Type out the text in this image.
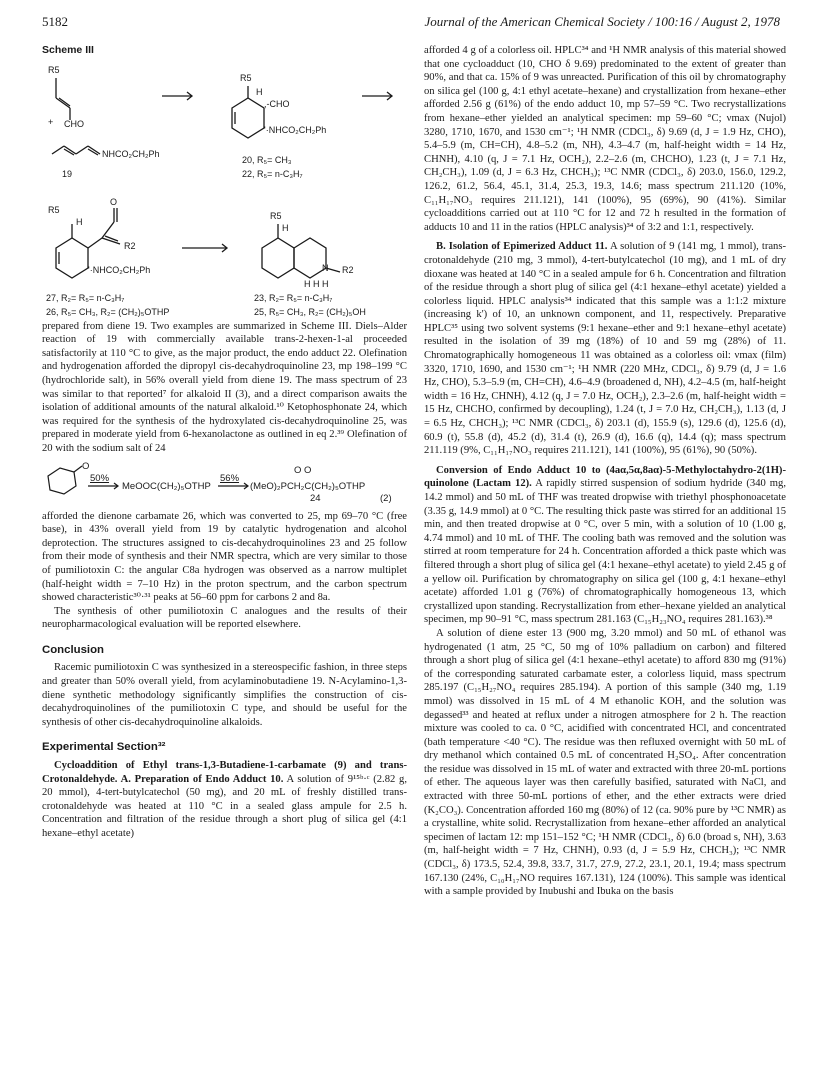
5182	Journal of the American Chemical Society / 100:16 / August 2, 1978
Scheme III
R5
+ CHO
NHCO₂CH₂Ph
19
R5
H
,-CHO
'·NHCO₂CH₂Ph
20, R₅= CH₃
22, R₅= n-C₃H₇
R5
H
O
R2
'·NHCO₂CH₂Ph
R5
H
N R2
H H H
27, R₂= R₅= n-C₃H₇
26, R₅= CH₃, R₂= (CH₂)₅OTHP
23, R₂= R₅= n-C₃H₇
25, R₅= CH₃, R₂= (CH₂)₅OH

prepared from diene 19. Two examples are summarized in Scheme III. Diels–Alder reaction of 19 with commercially available trans-2-hexen-1-al proceeded satisfactorily at 110 °C to give, as the major product, the endo adduct 22. Olefination and hydrogenation afforded the dipropyl cis-decahydroquinoline 23, mp 198–199 °C (hydrochloride salt), in 56% overall yield from diene 19. The mass spectrum of 23 was similar to that reported⁷ for alkaloid II (3), and a direct comparison awaits the isolation of additional amounts of the natural alkaloid.¹⁰ Ketophosphonate 24, which was required for the synthesis of the hydroxylated cis-decahydroquinoline 25, was prepared in moderate yield from 6-hexanolactone as outlined in eq 2.³⁹ Olefination of 20 with the sodium salt of 24

O
50%
MeOOC(CH₂)₅OTHP
56%
O O
(MeO)₂PCH₂C(CH₂)₅OTHP
24	(2)

afforded the dienone carbamate 26, which was converted to 25, mp 69–70 °C (free base), in 43% overall yield from 19 by catalytic hydrogenation and alcohol deprotection. The structures assigned to cis-decahydroquinolines 23 and 25 follow from their mode of synthesis and their NMR spectra, which are very similar to those of pumiliotoxin C: the angular C8a hydrogen was observed as a narrow multiplet (half-height width = 7–10 Hz) in the proton spectrum, and the carbon spectrum showed characteristic³⁰·³¹ peaks at 56–60 ppm for carbons 2 and 8a.

The synthesis of other pumiliotoxin C analogues and the results of their neuropharmacological evaluation will be reported elsewhere.

Conclusion

Racemic pumiliotoxin C was synthesized in a stereospecific fashion, in three steps and greater than 50% overall yield, from acylaminobutadiene 19. N-Acylamino-1,3-diene synthetic methodology significantly simplifies the construction of cis-decahydroquinolines of the pumiliotoxin C type, and should be useful for the synthesis of other cis-decahydroquinoline alkaloids.

Experimental Section³²

Cycloaddition of Ethyl trans-1,3-Butadiene-1-carbamate (9) and trans-Crotonaldehyde. A. Preparation of Endo Adduct 10. A solution of 9¹⁵ᵇ·ᶜ (2.82 g, 20 mmol), 4-tert-butylcatechol (50 mg), and 20 mL of freshly distilled trans-crotonaldehyde was heated at 110 °C in a sealed glass ampule for 2.5 h. Concentration and filtration of the residue through a short plug of silica gel (4:1 hexane–ethyl acetate)

afforded 4 g of a colorless oil. HPLC³⁴ and ¹H NMR analysis of this material showed that one cycloadduct (10, CHO δ 9.69) predominated to the extent of greater than 90%, and that ca. 15% of 9 was unreacted. Purification of this oil by chromatography on silica gel (100 g, 4:1 ethyl acetate–hexane) and crystallization from hexane–ether afforded 2.56 g (61%) of the endo adduct 10, mp 57–59 °C. Two recrystallizations from hexane–ether yielded an analytical specimen: mp 59–60 °C; νmax (Nujol) 3280, 1710, 1670, and 1530 cm⁻¹; ¹H NMR (CDCl₃, δ) 9.69 (d, J = 1.9 Hz, CHO), 5.4–5.9 (m, CH=CH), 4.8–5.2 (m, NH), 4.3–4.7 (m, half-height width = 14 Hz, CHNH), 4.10 (q, J = 7.1 Hz, OCH₂), 2.2–2.6 (m, CHCHO), 1.23 (t, J = 7.1 Hz, CH₂CH₃), 1.09 (d, J = 6.3 Hz, CHCH₃); ¹³C NMR (CDCl₃, δ) 203.0, 156.0, 129.2, 126.2, 61.2, 56.4, 45.1, 31.4, 25.3, 19.3, 14.6; mass spectrum 211.120 (10%, C₁₁H₁₇NO₃ requires 211.121), 141 (100%), 95 (69%), 90 (41%). Similar cycloadditions carried out at 110 °C for 12 and 72 h resulted in the formation of adducts 10 and 11 in the ratios (HPLC analysis)³⁴ of 3:2 and 1:1, respectively.

B. Isolation of Epimerized Adduct 11. A solution of 9 (141 mg, 1 mmol), trans-crotonaldehyde (210 mg, 3 mmol), 4-tert-butylcatechol (10 mg), and 1 mL of dry dioxane was heated at 140 °C in a sealed ampule for 6 h. Concentration and filtration of the residue through a short plug of silica gel (4:1 hexane–ethyl acetate) yielded a colorless liquid. HPLC analysis³⁴ indicated that this sample was a 1:1:2 mixture (increasing k') of 10, an unknown component, and 11, respectively. Preparative HPLC³⁵ using two solvent systems (9:1 hexane–ether and 9:1 hexane–ethyl acetate) resulted in the isolation of 39 mg (18%) of 10 and 59 mg (28%) of 11. Chromatographically homogeneous 11 was obtained as a colorless oil: νmax (film) 3320, 1710, 1690, and 1530 cm⁻¹; ¹H NMR (220 MHz, CDCl₃, δ) 9.79 (d, J = 1.6 Hz, CHO), 5.3–5.9 (m, CH=CH), 4.6–4.9 (broadened d, NH), 4.2–4.5 (m, half-height width = 16 Hz, CHNH), 4.12 (q, J = 7.0 Hz, OCH₂), 2.3–2.6 (m, half-height width = 15 Hz, CHCHO, confirmed by decoupling), 1.24 (t, J = 7.0 Hz, CH₂CH₃), 1.13 (d, J = 6.5 Hz, CHCH₃); ¹³C NMR (CDCl₃, δ) 203.1 (d), 155.9 (s), 129.6 (d), 125.6 (d), 60.9 (t), 55.8 (d), 45.2 (d), 31.4 (t), 26.9 (d), 16.6 (q), 14.4 (q); mass spectrum 211.119 (9%, C₁₁H₁₇NO₃ requires 211.121), 141 (100%), 95 (61%), 90 (50%).

Conversion of Endo Adduct 10 to (4aα,5α,8aα)-5-Methyloctahydro-2(1H)-quinolone (Lactam 12). A rapidly stirred suspension of sodium hydride (340 mg, 14.2 mmol) and 50 mL of THF was treated dropwise with triethyl phosphonoacetate (3.35 g, 14.9 mmol) at 0 °C. The resulting thick paste was stirred for an additional 15 min, and then treated dropwise at 0 °C, over 5 min, with a solution of 10 (1.00 g, 4.74 mmol) and 10 mL of THF. The cooling bath was removed and the solution was stirred at room temperature for 24 h. Concentration afforded a thick paste which was filtered through a short plug of silica gel (4:1 hexane–ethyl acetate) to yield 2.45 g of a yellow oil. Purification by chromatography on silica gel (100 g, 4:1 hexane–ethyl acetate) afforded 1.01 g (76%) of chromatographically homogeneous 13, which crystallized upon standing. Recrystallization from ether–hexane yielded an analytical specimen, mp 90–91 °C, mass spectrum 281.163 (C₁₅H₂₃NO₄ requires 281.163).³⁸

A solution of diene ester 13 (900 mg, 3.20 mmol) and 50 mL of ethanol was hydrogenated (1 atm, 25 °C, 50 mg of 10% palladium on carbon) and filtered through a short plug of silica gel (4:1 hexane–ethyl acetate) to afford 830 mg (91%) of the corresponding saturated carbamate ester, a colorless liquid, mass spectrum 285.197 (C₁₅H₂₇NO₄ requires 285.194). A portion of this sample (340 mg, 1.19 mmol) was dissolved in 15 mL of 4 M ethanolic KOH, and the solution was degassed³³ and heated at reflux under a nitrogen atmosphere for 2 h. The reaction mixture was cooled to ca. 0 °C, acidified with concentrated HCl, and concentrated (bath temperature <40 °C). The residue was then refluxed overnight with 50 mL of dry methanol which contained 0.5 mL of concentrated H₂SO₄. After concentration the residue was dissolved in 15 mL of water and extracted with three 20-mL portions of ether. The aqueous layer was then carefully basified, saturated with NaCl, and extracted with three 50-mL portions of ether, and the ether extracts were dried (K₂CO₃). Concentration afforded 160 mg (80%) of 12 (ca. 90% pure by ¹³C NMR) as a crystalline, white solid. Recrystallization from hexane–ether afforded an analytical specimen of lactam 12: mp 151–152 °C; ¹H NMR (CDCl₃, δ) 6.0 (broad s, NH), 3.63 (m, half-height width = 7 Hz, CHNH), 0.93 (d, J = 5.9 Hz, CHCH₃); ¹³C NMR (CDCl₃, δ) 173.5, 52.4, 39.8, 33.7, 31.7, 27.9, 27.2, 23.1, 20.1, 19.4; mass spectrum 167.130 (24%, C₁₀H₁₇NO requires 167.131), 124 (100%). This sample was identical with a sample provided by Inubushi and Ibuka on the basis
